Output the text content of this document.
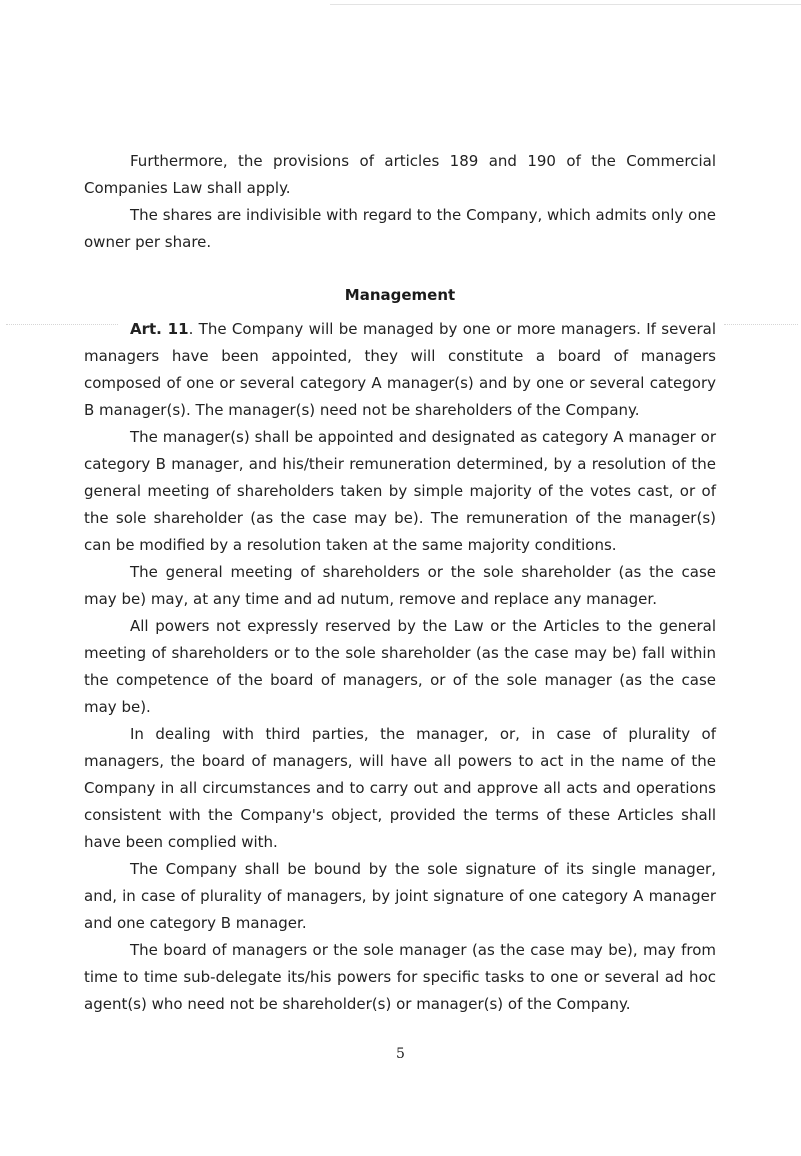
Furthermore, the provisions of articles 189 and 190 of the Commercial Companies Law shall apply.

The shares are indivisible with regard to the Company, which admits only one owner per share.

Management

Art. 11. The Company will be managed by one or more managers. If several managers have been appointed, they will constitute a board of managers composed of one or several category A manager(s) and by one or several category B manager(s). The manager(s) need not be shareholders of the Company.

The manager(s) shall be appointed and designated as category A manager or category B manager, and his/their remuneration determined, by a resolution of the general meeting of shareholders taken by simple majority of the votes cast, or of the sole shareholder (as the case may be). The remuneration of the manager(s) can be modified by a resolution taken at the same majority conditions.

The general meeting of shareholders or the sole shareholder (as the case may be) may, at any time and ad nutum, remove and replace any manager.

All powers not expressly reserved by the Law or the Articles to the general meeting of shareholders or to the sole shareholder (as the case may be) fall within the competence of the board of managers, or of the sole manager (as the case may be).

In dealing with third parties, the manager, or, in case of plurality of managers, the board of managers, will have all powers to act in the name of the Company in all circumstances and to carry out and approve all acts and operations consistent with the Company's object, provided the terms of these Articles shall have been complied with.

The Company shall be bound by the sole signature of its single manager, and, in case of plurality of managers, by joint signature of one category A manager and one category B manager.

The board of managers or the sole manager (as the case may be), may from time to time sub-delegate its/his powers for specific tasks to one or several ad hoc agent(s) who need not be shareholder(s) or manager(s) of the Company.

5
